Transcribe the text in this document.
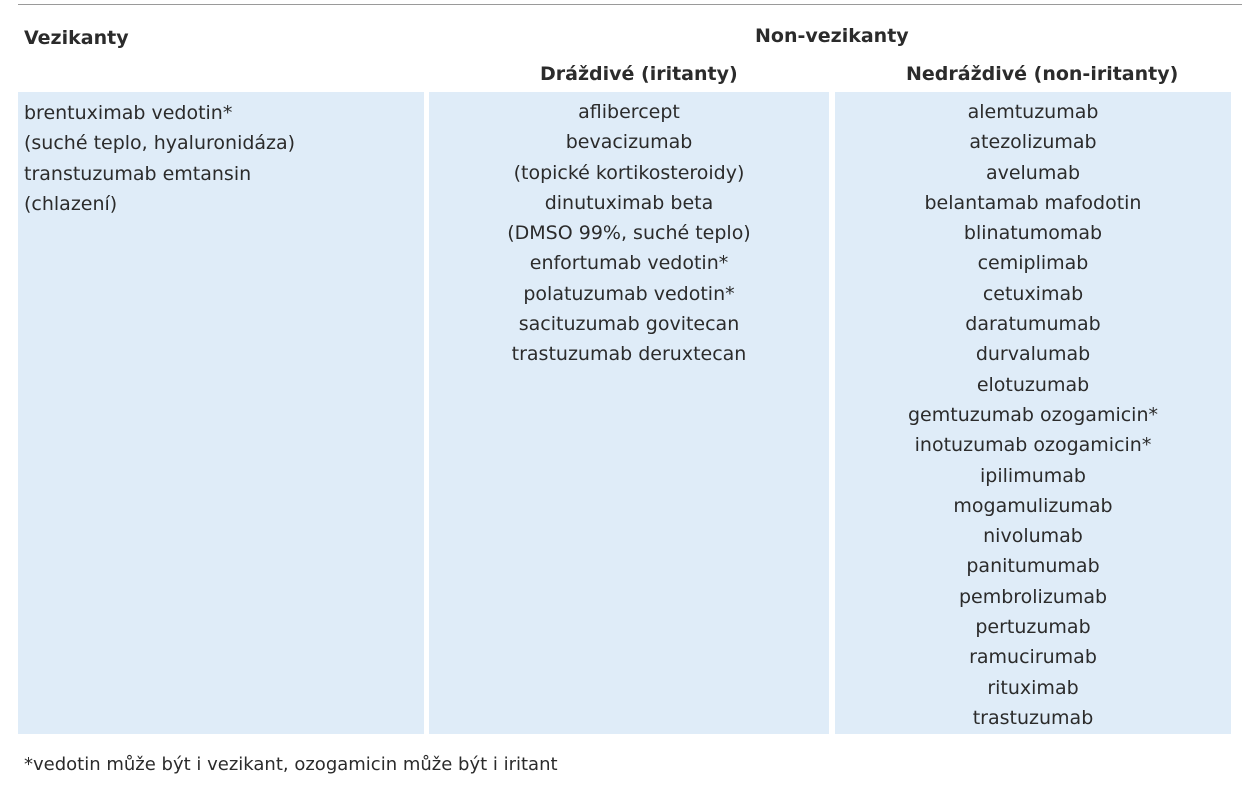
Vezikanty	Non-vezikanty
Dráždivé (iritanty)	Nedráždivé (non-iritanty)
brentuximab vedotin*
(suché teplo, hyaluronidáza)
transtuzumab emtansin
(chlazení)
aflibercept
bevacizumab
(topické kortikosteroidy)
dinutuximab beta
(DMSO 99%, suché teplo)
enfortumab vedotin*
polatuzumab vedotin*
sacituzumab govitecan
trastuzumab deruxtecan
alemtuzumab
atezolizumab
avelumab
belantamab mafodotin
blinatumomab
cemiplimab
cetuximab
daratumumab
durvalumab
elotuzumab
gemtuzumab ozogamicin*
inotuzumab ozogamicin*
ipilimumab
mogamulizumab
nivolumab
panitumumab
pembrolizumab
pertuzumab
ramucirumab
rituximab
trastuzumab
*vedotin může být i vezikant, ozogamicin může být i iritant
